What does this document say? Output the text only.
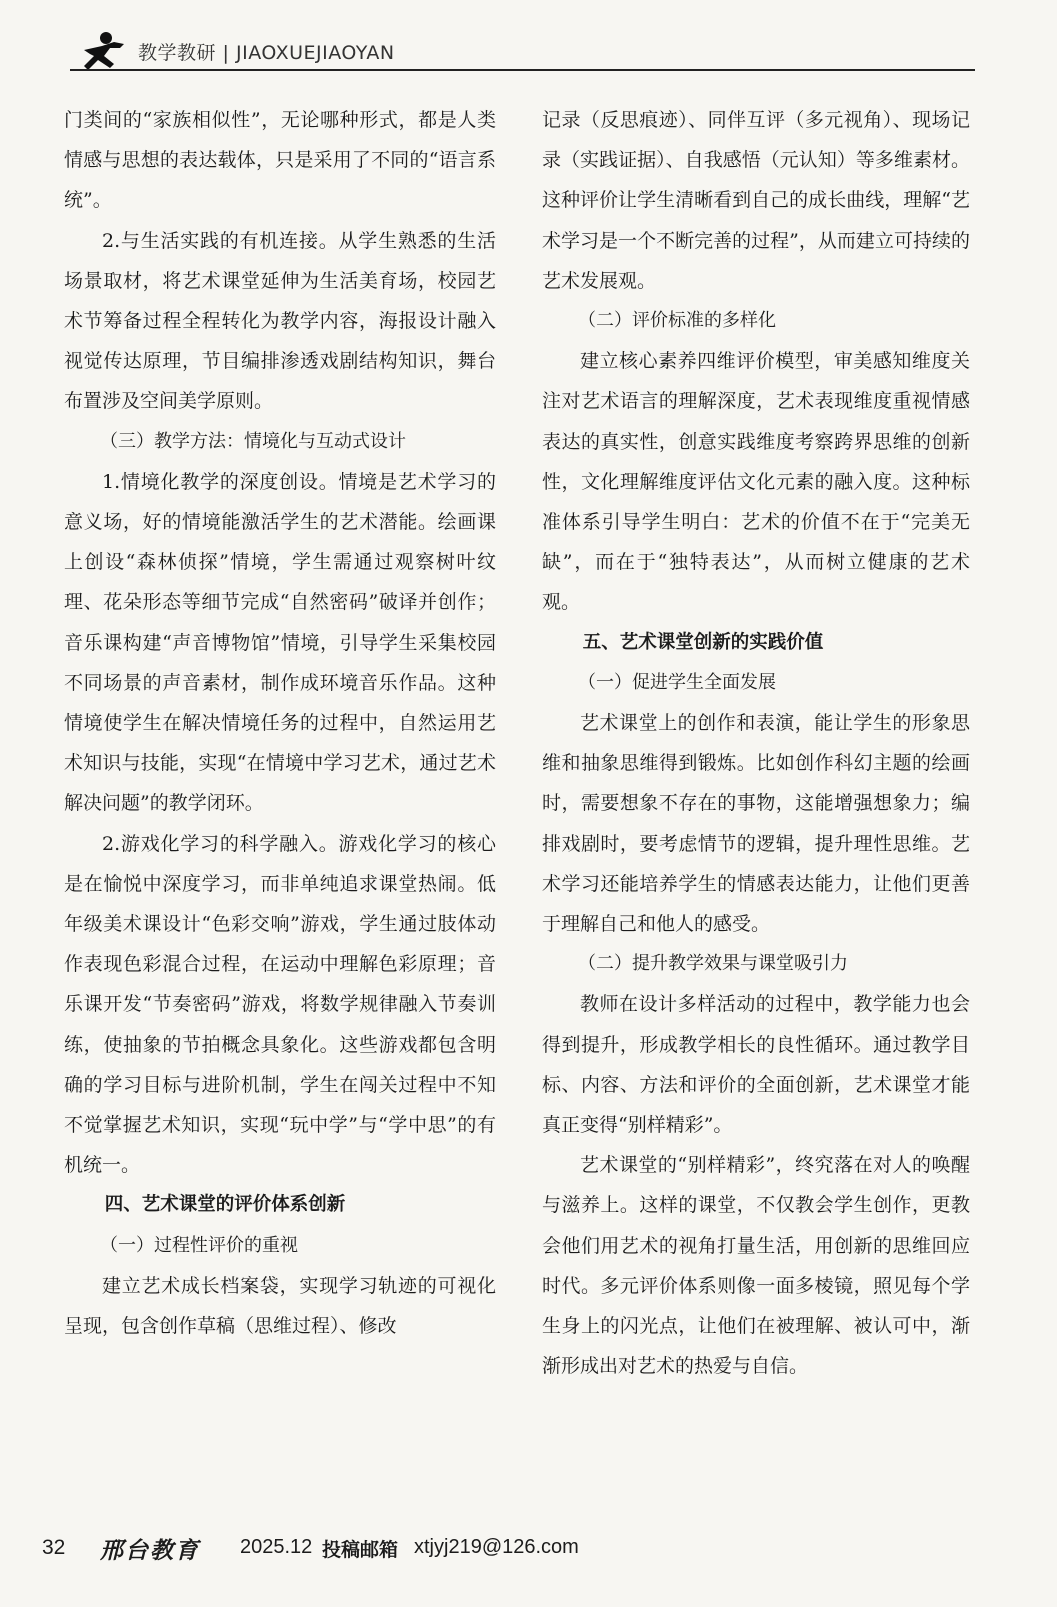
教学教研 | JIAOXUEJIAOYAN

门类间的“家族相似性”，无论哪种形式，都是人类情感与思想的表达载体，只是采用了不同的“语言系统”。

2.与生活实践的有机连接。从学生熟悉的生活场景取材，将艺术课堂延伸为生活美育场，校园艺术节筹备过程全程转化为教学内容，海报设计融入视觉传达原理，节目编排渗透戏剧结构知识，舞台布置涉及空间美学原则。

（三）教学方法：情境化与互动式设计

1.情境化教学的深度创设。情境是艺术学习的意义场，好的情境能激活学生的艺术潜能。绘画课上创设“森林侦探”情境，学生需通过观察树叶纹理、花朵形态等细节完成“自然密码”破译并创作；音乐课构建“声音博物馆”情境，引导学生采集校园不同场景的声音素材，制作成环境音乐作品。这种情境使学生在解决情境任务的过程中，自然运用艺术知识与技能，实现“在情境中学习艺术，通过艺术解决问题”的教学闭环。

2.游戏化学习的科学融入。游戏化学习的核心是在愉悦中深度学习，而非单纯追求课堂热闹。低年级美术课设计“色彩交响”游戏，学生通过肢体动作表现色彩混合过程，在运动中理解色彩原理；音乐课开发“节奏密码”游戏，将数学规律融入节奏训练，使抽象的节拍概念具象化。这些游戏都包含明确的学习目标与进阶机制，学生在闯关过程中不知不觉掌握艺术知识，实现“玩中学”与“学中思”的有机统一。

四、艺术课堂的评价体系创新
（一）过程性评价的重视

建立艺术成长档案袋，实现学习轨迹的可视化呈现，包含创作草稿（思维过程）、修改

记录（反思痕迹）、同伴互评（多元视角）、现场记录（实践证据）、自我感悟（元认知）等多维素材。这种评价让学生清晰看到自己的成长曲线，理解“艺术学习是一个不断完善的过程”，从而建立可持续的艺术发展观。

（二）评价标准的多样化

建立核心素养四维评价模型，审美感知维度关注对艺术语言的理解深度，艺术表现维度重视情感表达的真实性，创意实践维度考察跨界思维的创新性，文化理解维度评估文化元素的融入度。这种标准体系引导学生明白：艺术的价值不在于“完美无缺”，而在于“独特表达”，从而树立健康的艺术观。

五、艺术课堂创新的实践价值
（一）促进学生全面发展

艺术课堂上的创作和表演，能让学生的形象思维和抽象思维得到锻炼。比如创作科幻主题的绘画时，需要想象不存在的事物，这能增强想象力；编排戏剧时，要考虑情节的逻辑，提升理性思维。艺术学习还能培养学生的情感表达能力，让他们更善于理解自己和他人的感受。

（二）提升教学效果与课堂吸引力

教师在设计多样活动的过程中，教学能力也会得到提升，形成教学相长的良性循环。通过教学目标、内容、方法和评价的全面创新，艺术课堂才能真正变得“别样精彩”。

艺术课堂的“别样精彩”，终究落在对人的唤醒与滋养上。这样的课堂，不仅教会学生创作，更教会他们用艺术的视角打量生活，用创新的思维回应时代。多元评价体系则像一面多棱镜，照见每个学生身上的闪光点，让他们在被理解、被认可中，渐渐形成出对艺术的热爱与自信。

32 邢台教育 2025.12 投稿邮箱 xtjyj219@126.com
